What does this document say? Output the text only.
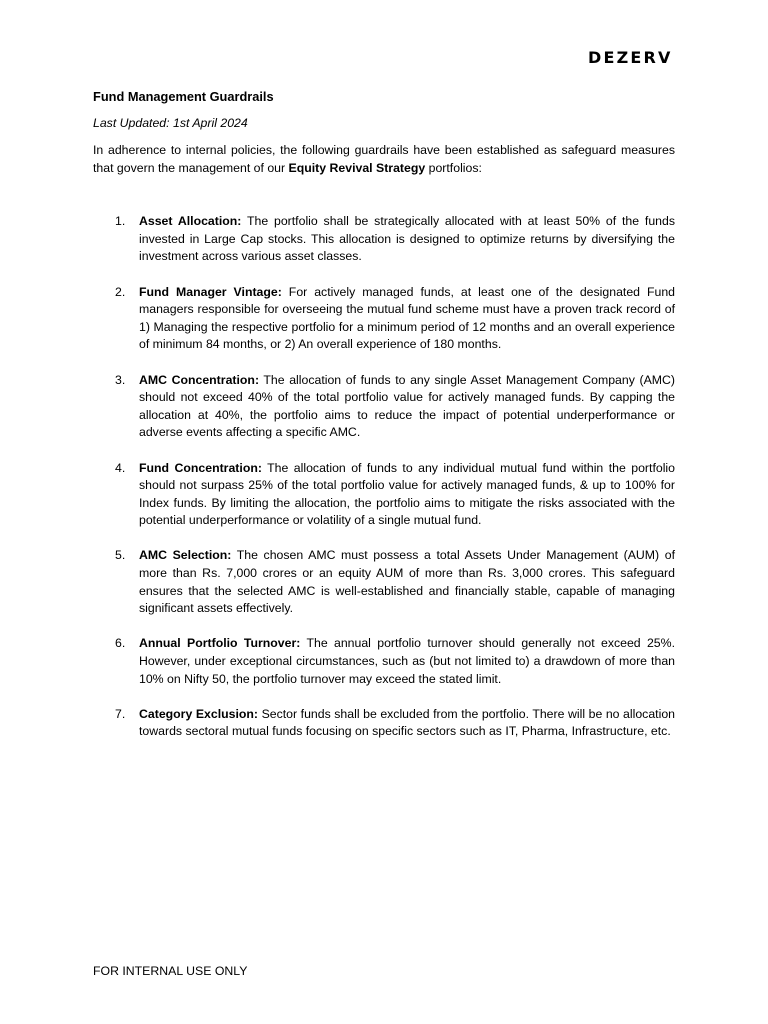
DEZERV
Fund Management Guardrails
Last Updated: 1st April 2024

In adherence to internal policies, the following guardrails have been established as safeguard measures that govern the management of our Equity Revival Strategy portfolios:

1. Asset Allocation: The portfolio shall be strategically allocated with at least 50% of the funds invested in Large Cap stocks. This allocation is designed to optimize returns by diversifying the investment across various asset classes.
2. Fund Manager Vintage: For actively managed funds, at least one of the designated Fund managers responsible for overseeing the mutual fund scheme must have a proven track record of 1) Managing the respective portfolio for a minimum period of 12 months and an overall experience of minimum 84 months, or 2) An overall experience of 180 months.
3. AMC Concentration: The allocation of funds to any single Asset Management Company (AMC) should not exceed 40% of the total portfolio value for actively managed funds. By capping the allocation at 40%, the portfolio aims to reduce the impact of potential underperformance or adverse events affecting a specific AMC.
4. Fund Concentration: The allocation of funds to any individual mutual fund within the portfolio should not surpass 25% of the total portfolio value for actively managed funds, & up to 100% for Index funds. By limiting the allocation, the portfolio aims to mitigate the risks associated with the potential underperformance or volatility of a single mutual fund.
5. AMC Selection: The chosen AMC must possess a total Assets Under Management (AUM) of more than Rs. 7,000 crores or an equity AUM of more than Rs. 3,000 crores. This safeguard ensures that the selected AMC is well-established and financially stable, capable of managing significant assets effectively.
6. Annual Portfolio Turnover: The annual portfolio turnover should generally not exceed 25%. However, under exceptional circumstances, such as (but not limited to) a drawdown of more than 10% on Nifty 50, the portfolio turnover may exceed the stated limit.
7. Category Exclusion: Sector funds shall be excluded from the portfolio. There will be no allocation towards sectoral mutual funds focusing on specific sectors such as IT, Pharma, Infrastructure, etc.
FOR INTERNAL USE ONLY
